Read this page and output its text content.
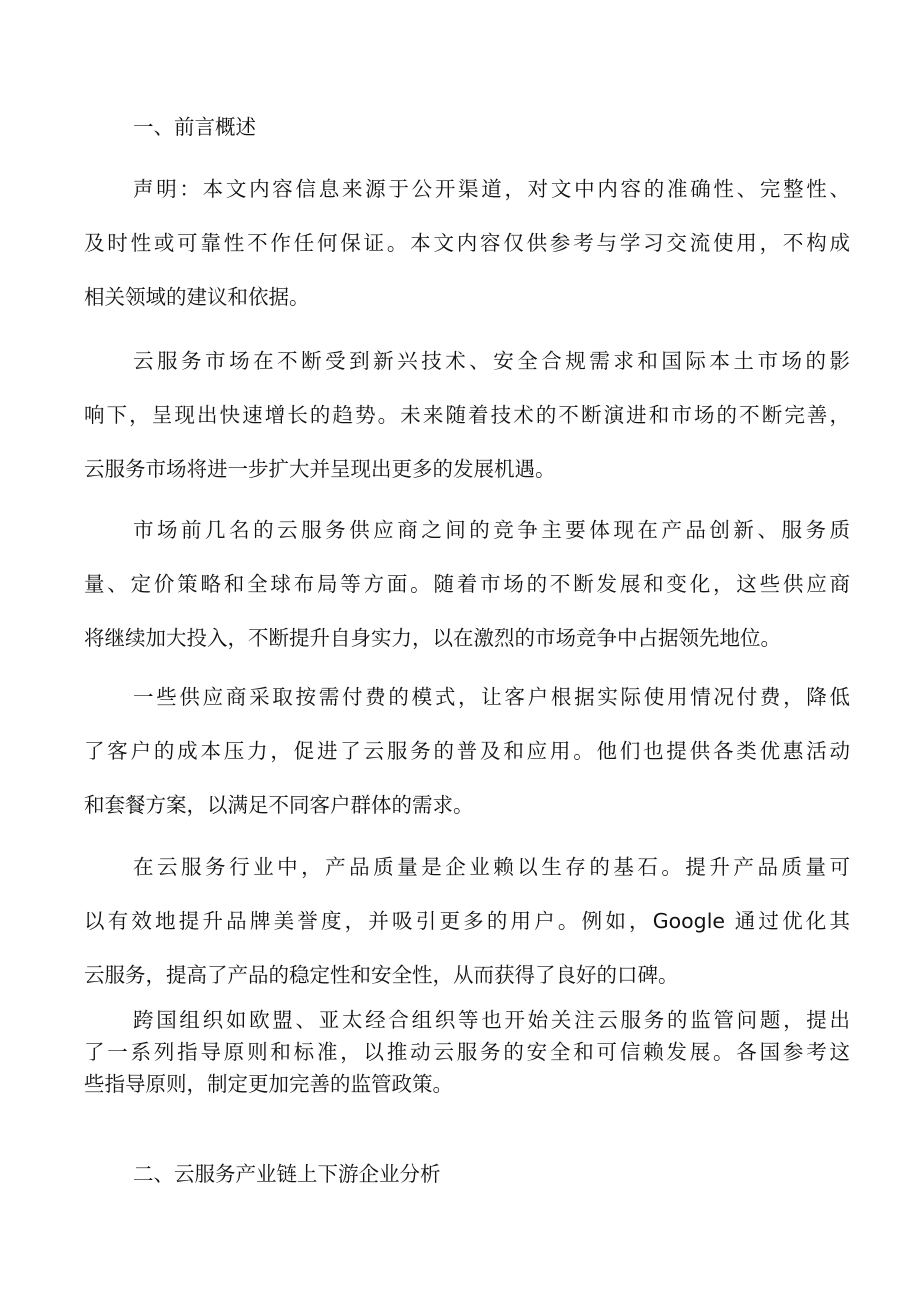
一、前言概述
声明：本文内容信息来源于公开渠道，对文中内容的准确性、完整性、
及时性或可靠性不作任何保证。本文内容仅供参考与学习交流使用，不构成
相关领域的建议和依据。
云服务市场在不断受到新兴技术、安全合规需求和国际本土市场的影
响下，呈现出快速增长的趋势。未来随着技术的不断演进和市场的不断完善，
云服务市场将进一步扩大并呈现出更多的发展机遇。
市场前几名的云服务供应商之间的竞争主要体现在产品创新、服务质
量、定价策略和全球布局等方面。随着市场的不断发展和变化，这些供应商
将继续加大投入，不断提升自身实力，以在激烈的市场竞争中占据领先地位。
一些供应商采取按需付费的模式，让客户根据实际使用情况付费，降低
了客户的成本压力，促进了云服务的普及和应用。他们也提供各类优惠活动
和套餐方案，以满足不同客户群体的需求。
在云服务行业中，产品质量是企业赖以生存的基石。提升产品质量可
以有效地提升品牌美誉度，并吸引更多的用户。例如，Google 通过优化其
云服务，提高了产品的稳定性和安全性，从而获得了良好的口碑。
跨国组织如欧盟、亚太经合组织等也开始关注云服务的监管问题，提出
了一系列指导原则和标准，以推动云服务的安全和可信赖发展。各国参考这
些指导原则，制定更加完善的监管政策。
二、云服务产业链上下游企业分析
